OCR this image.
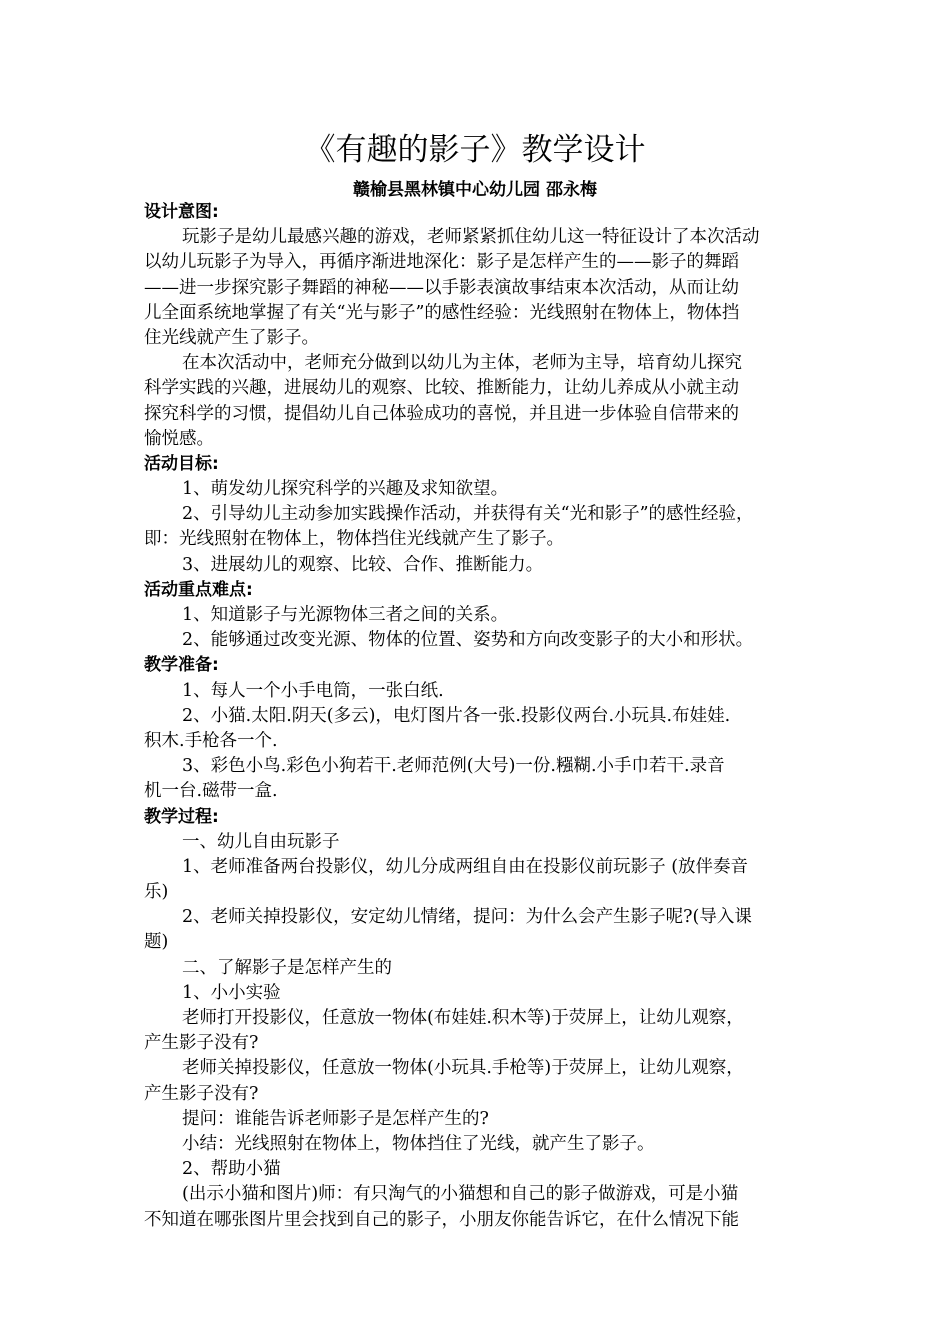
《有趣的影子》教学设计
赣榆县黑林镇中心幼儿园 邵永梅
设计意图:
玩影子是幼儿最感兴趣的游戏，老师紧紧抓住幼儿这一特征设计了本次活动
以幼儿玩影子为导入，再循序渐进地深化：影子是怎样产生的——影子的舞蹈
——进一步探究影子舞蹈的神秘——以手影表演故事结束本次活动，从而让幼
儿全面系统地掌握了有关“光与影子”的感性经验：光线照射在物体上，物体挡
住光线就产生了影子。
在本次活动中，老师充分做到以幼儿为主体，老师为主导，培育幼儿探究
科学实践的兴趣，进展幼儿的观察、比较、推断能力，让幼儿养成从小就主动
探究科学的习惯，提倡幼儿自己体验成功的喜悦，并且进一步体验自信带来的
愉悦感。
活动目标:
1、萌发幼儿探究科学的兴趣及求知欲望。
2、引导幼儿主动参加实践操作活动，并获得有关“光和影子”的感性经验，
即：光线照射在物体上，物体挡住光线就产生了影子。
3、进展幼儿的观察、比较、合作、推断能力。
活动重点难点:
1、知道影子与光源物体三者之间的关系。
2、能够通过改变光源、物体的位置、姿势和方向改变影子的大小和形状。
教学准备:
1、每人一个小手电筒，一张白纸.
2、小猫.太阳.阴天(多云)，电灯图片各一张.投影仪两台.小玩具.布娃娃.
积木.手枪各一个.
3、彩色小鸟.彩色小狗若干.老师范例(大号)一份.糨糊.小手巾若干.录音
机一台.磁带一盒.
教学过程:
一、幼儿自由玩影子
1、老师准备两台投影仪，幼儿分成两组自由在投影仪前玩影子 (放伴奏音
乐)
2、老师关掉投影仪，安定幼儿情绪，提问：为什么会产生影子呢?(导入课
题)
二、了解影子是怎样产生的
1、小小实验
老师打开投影仪，任意放一物体(布娃娃.积木等)于荧屏上，让幼儿观察，
产生影子没有?
老师关掉投影仪，任意放一物体(小玩具.手枪等)于荧屏上，让幼儿观察，
产生影子没有?
提问：谁能告诉老师影子是怎样产生的?
小结：光线照射在物体上，物体挡住了光线，就产生了影子。
2、帮助小猫
(出示小猫和图片)师：有只淘气的小猫想和自己的影子做游戏，可是小猫
不知道在哪张图片里会找到自己的影子，小朋友你能告诉它，在什么情况下能
